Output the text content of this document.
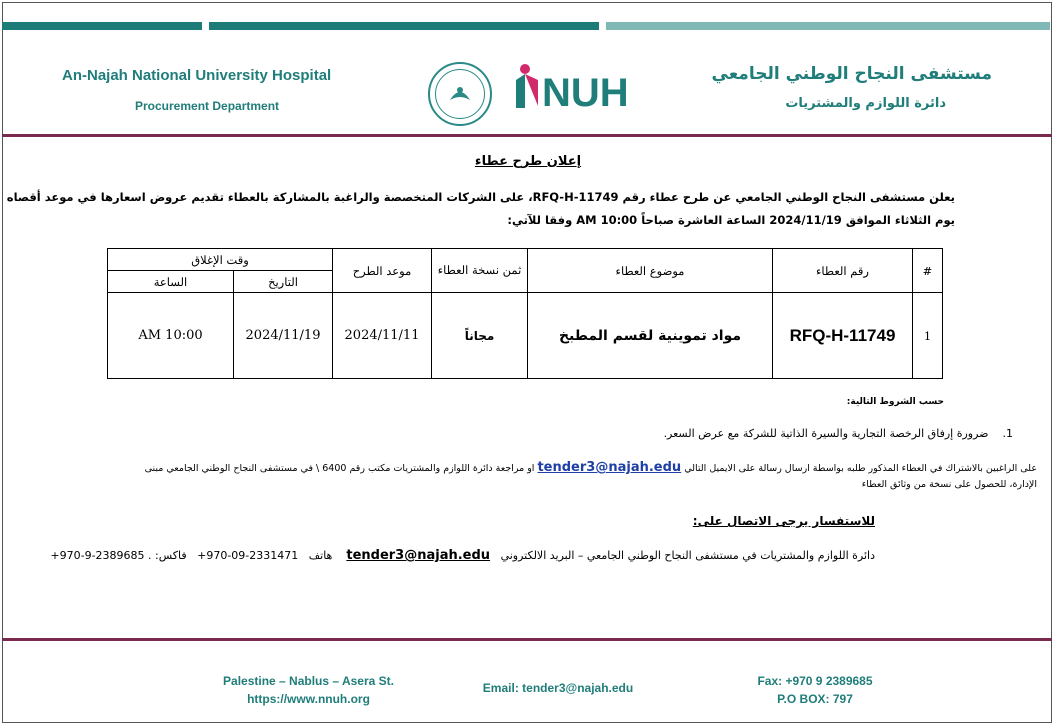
An-Najah National University Hospital
Procurement Department
مستشفى النجاح الوطني الجامعي
دائرة اللوازم والمشتريات
NUH
إعلان طرح عطاء
يعلن مستشفى النجاح الوطني الجامعي عن طرح عطاء رقم RFQ-H-11749، على الشركات المتخصصة والراغبة بالمشاركة بالعطاء تقديم عروض اسعارها في موعد أقصاه
يوم الثلاثاء الموافق 2024/11/19 الساعة العاشرة صباحاً AM 10:00 وفقا للآتي:
#	رقم العطاء	موضوع العطاء	ثمن نسخة العطاء	موعد الطرح	وقت الإغلاق	
					التاريخ	الساعة
1	RFQ-H-11749	مواد تموينية لقسم المطبخ	مجاناً	2024/11/11	2024/11/19	AM 10:00
حسب الشروط التالية:
1.    ضرورة إرفاق الرخصة التجارية والسيرة الذاتية للشركة مع عرض السعر.
على الراغبين بالاشتراك في العطاء المذكور طلبه بواسطة ارسال رسالة على الايميل التالي tender3@najah.edu او مراجعة دائرة اللوازم والمشتريات مكتب رقم 6400 \ في مستشفى النجاح الوطني الجامعي مبنى
الإدارة، للحصول على نسخة من وثائق العطاء
للاستفسار يرجى الاتصال على:
دائرة اللوازم والمشتريات في مستشفى النجاح الوطني الجامعي – البريد الالكتروني   tender3@najah.edu    هاتف   +970-09-2331471   فاكس: +970-9-2389685 .
Palestine – Nablus – Asera St.
https://www.nnuh.org
Email: tender3@najah.edu	Fax: +970 9 2389685
P.O BOX: 797
